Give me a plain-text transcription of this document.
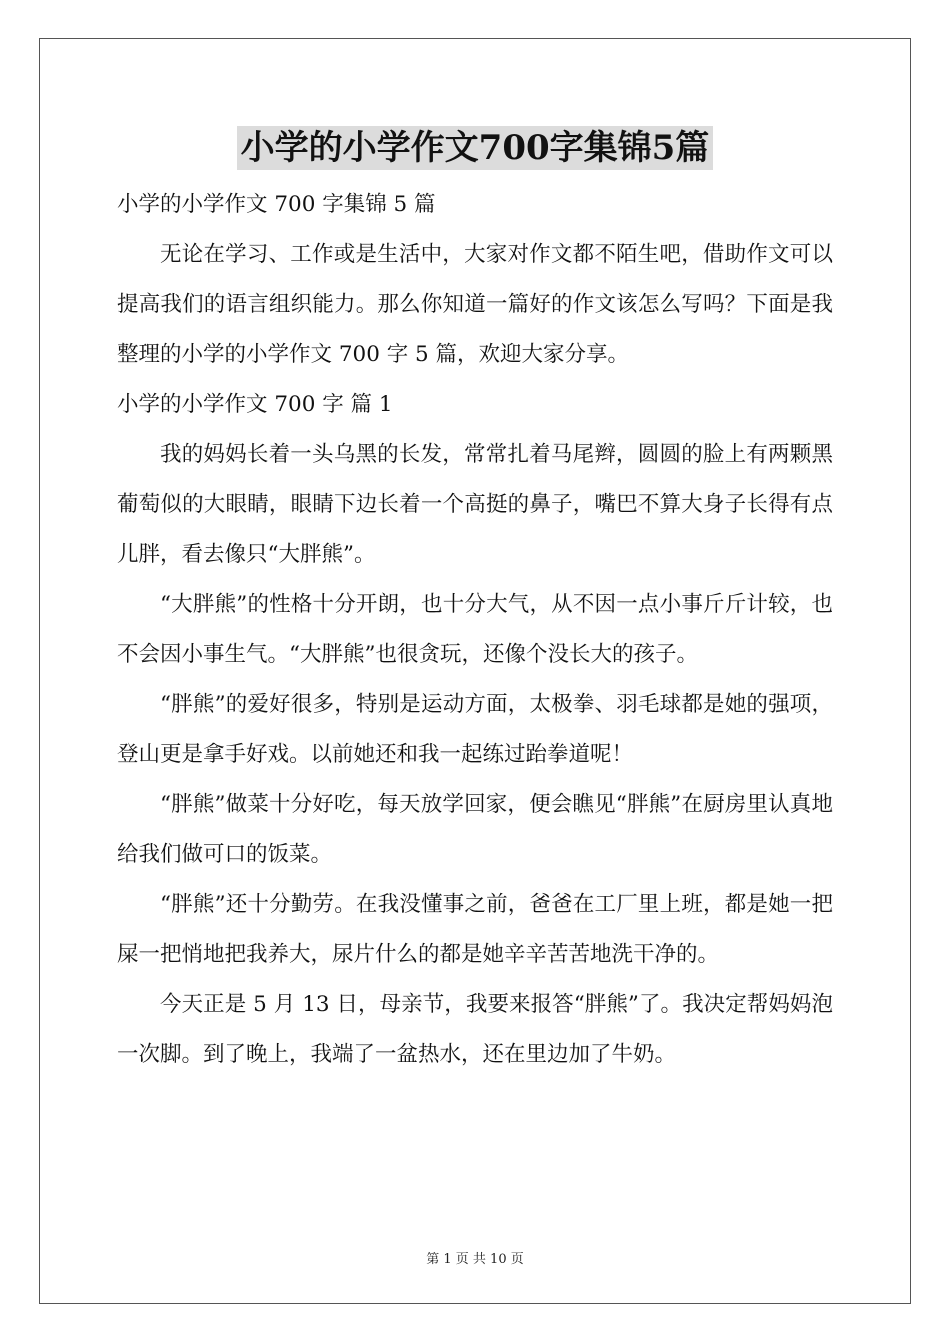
小学的小学作文700字集锦5篇

小学的小学作文 700 字集锦 5 篇

无论在学习、工作或是生活中，大家对作文都不陌生吧，借助作文可以提高我们的语言组织能力。那么你知道一篇好的作文该怎么写吗？下面是我整理的小学的小学作文 700 字 5 篇，欢迎大家分享。

小学的小学作文 700 字 篇 1

我的妈妈长着一头乌黑的长发，常常扎着马尾辫，圆圆的脸上有两颗黑葡萄似的大眼睛，眼睛下边长着一个高挺的鼻子，嘴巴不算大身子长得有点儿胖，看去像只“大胖熊”。

“大胖熊”的性格十分开朗，也十分大气，从不因一点小事斤斤计较，也不会因小事生气。“大胖熊”也很贪玩，还像个没长大的孩子。

“胖熊”的爱好很多，特别是运动方面，太极拳、羽毛球都是她的强项，登山更是拿手好戏。以前她还和我一起练过跆拳道呢！

“胖熊”做菜十分好吃，每天放学回家，便会瞧见“胖熊”在厨房里认真地给我们做可口的饭菜。

“胖熊”还十分勤劳。在我没懂事之前，爸爸在工厂里上班，都是她一把屎一把悄地把我养大，尿片什么的都是她辛辛苦苦地洗干净的。

今天正是 5 月 13 日，母亲节，我要来报答“胖熊”了。我决定帮妈妈泡一次脚。到了晚上，我端了一盆热水，还在里边加了牛奶。

第 1 页 共 10 页
